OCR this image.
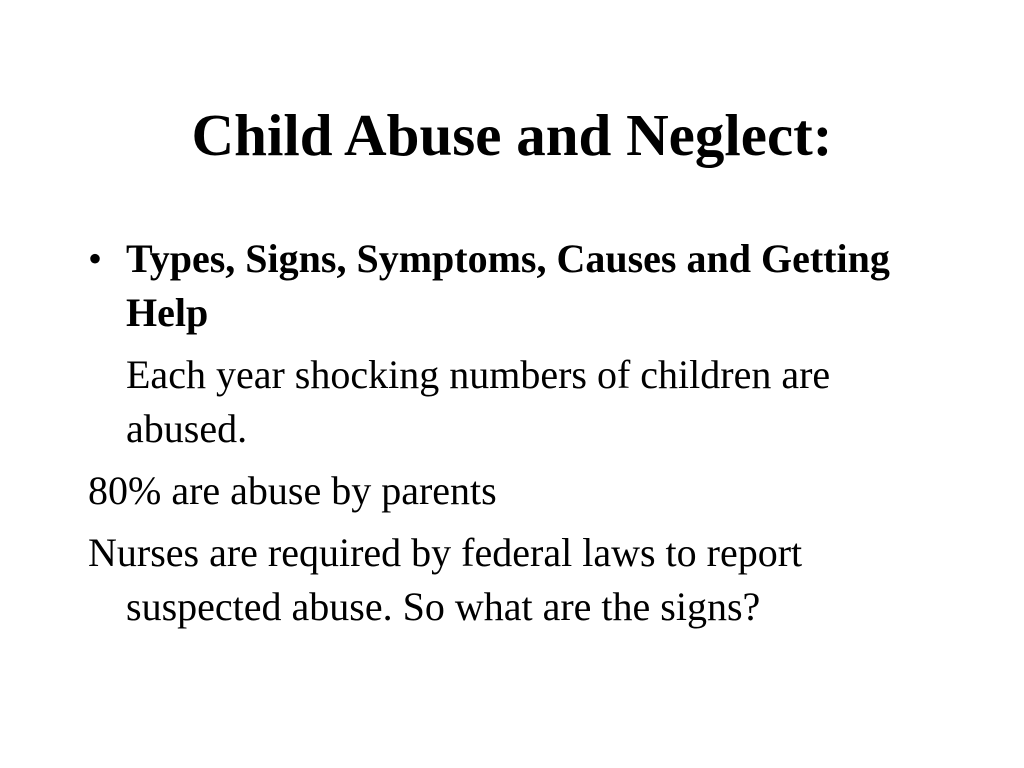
Child Abuse and Neglect:

• Types, Signs, Symptoms, Causes and Getting Help

Each year shocking numbers of children are abused.

80% are abuse by parents

Nurses are required by federal laws to report suspected abuse. So what are the signs?
